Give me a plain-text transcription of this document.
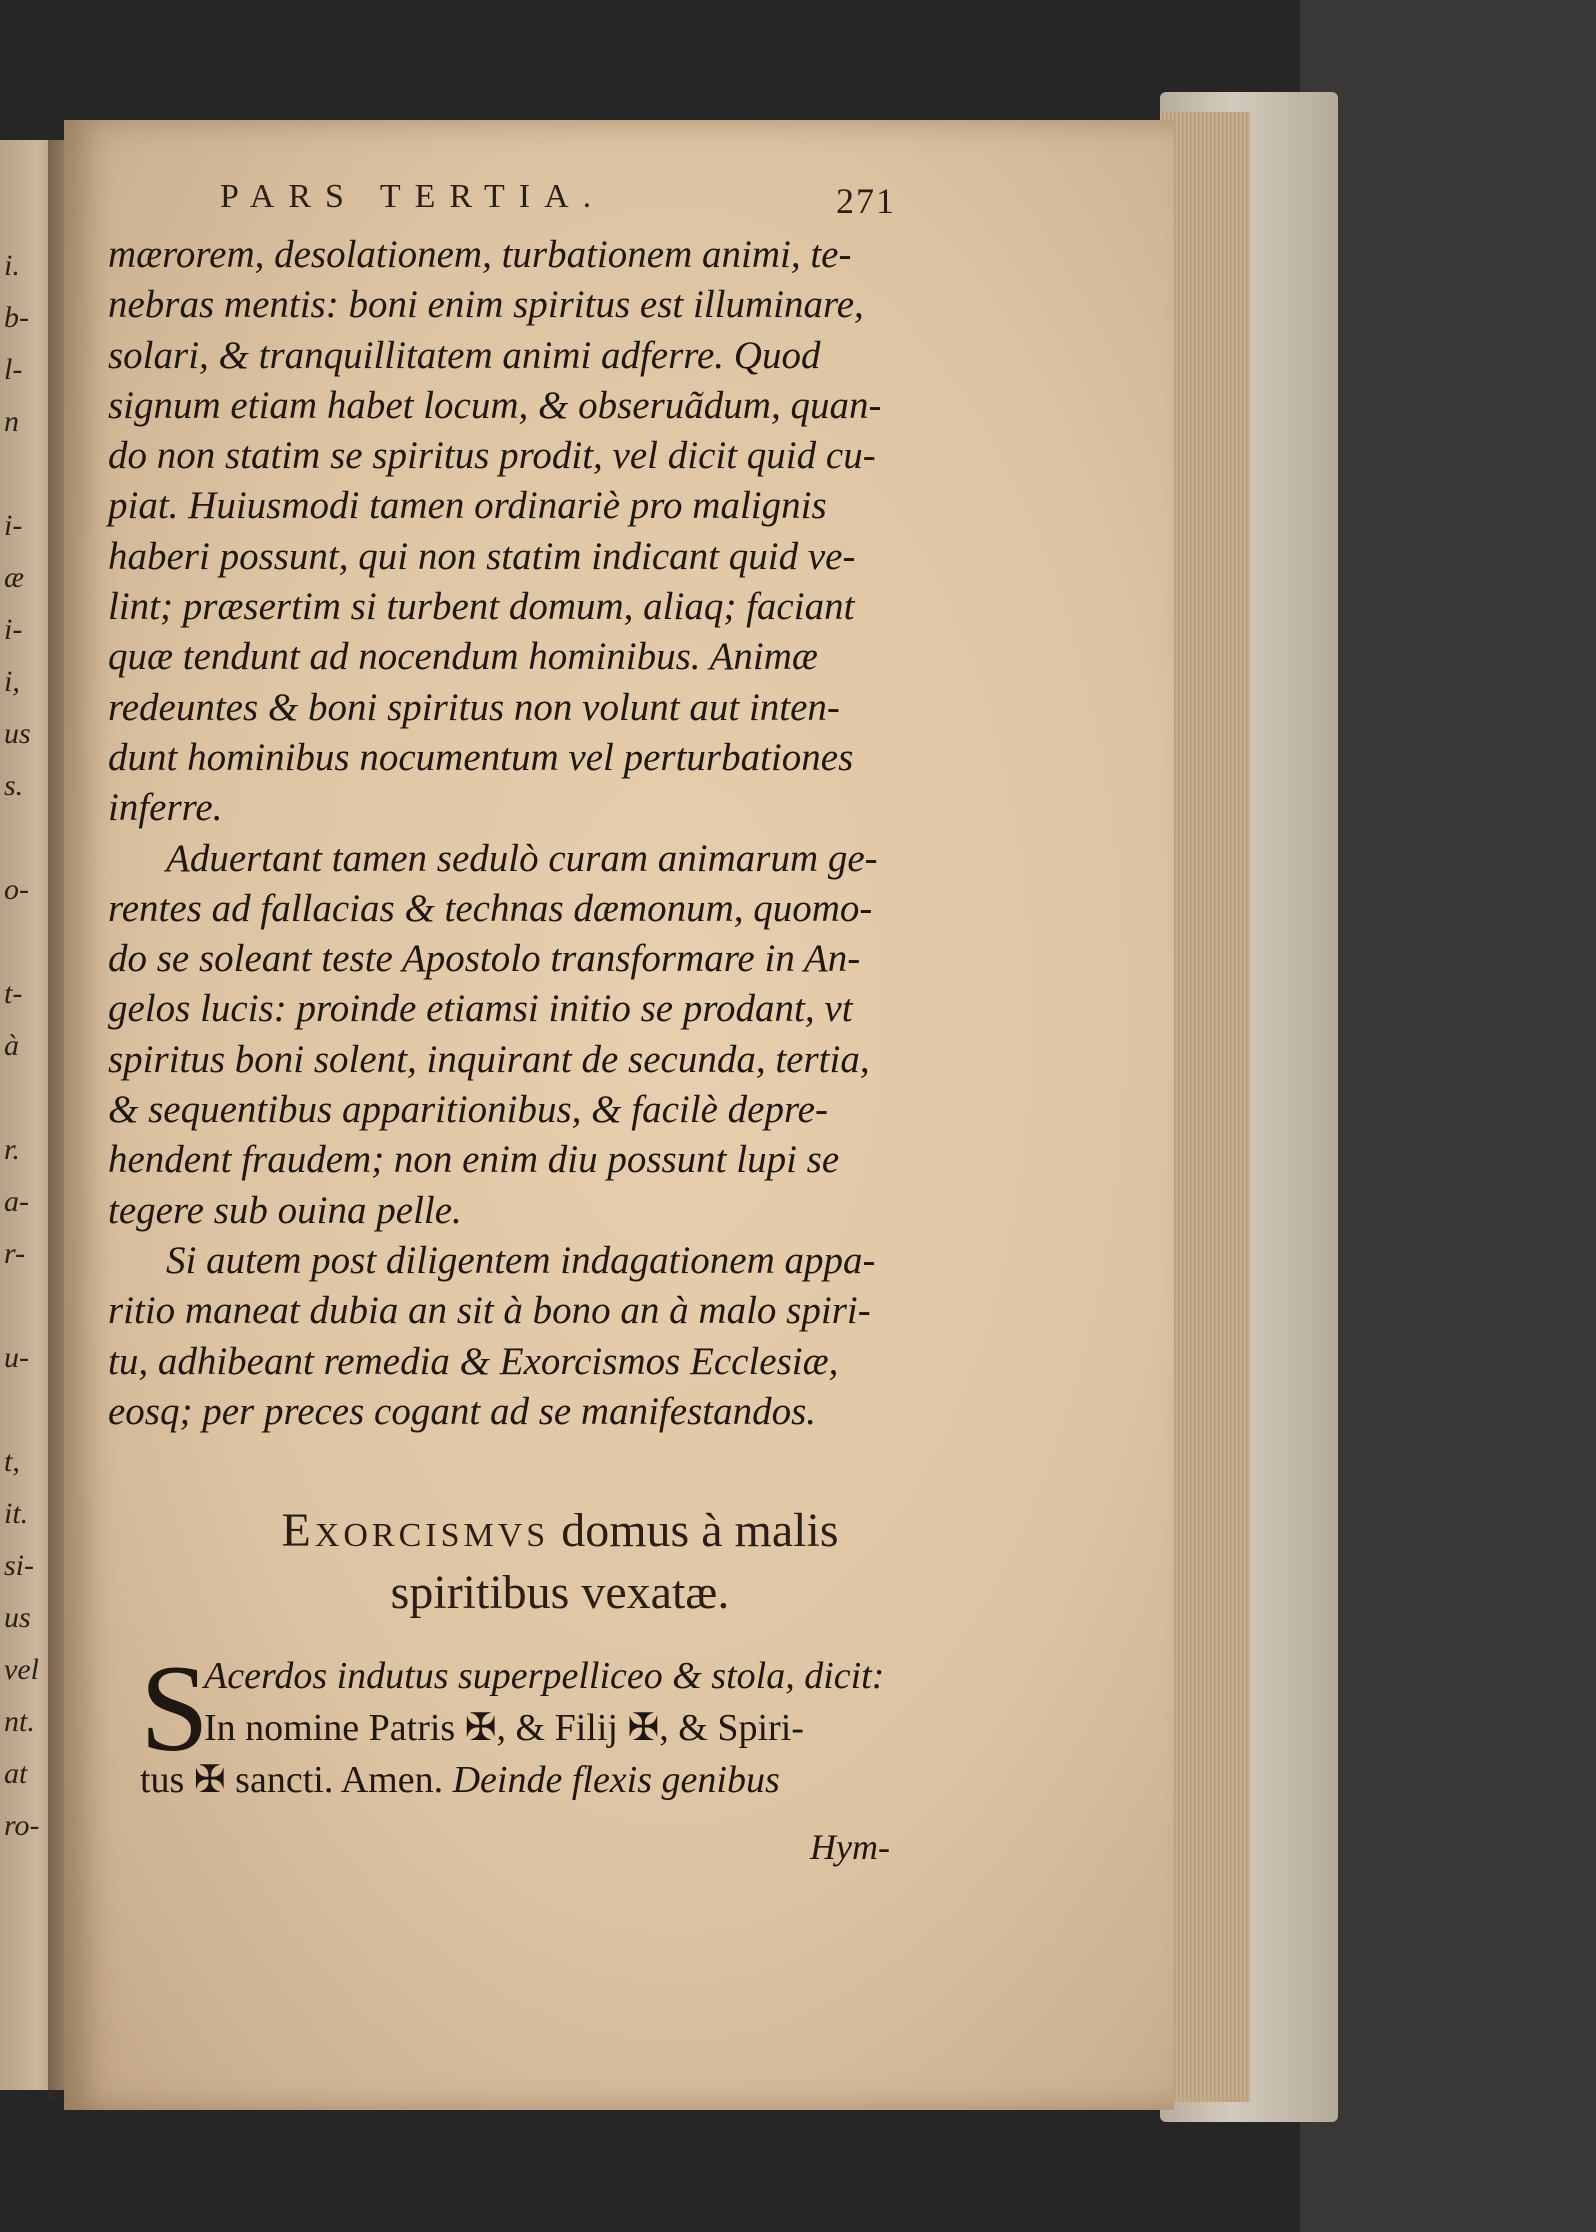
i.
b-
l-
n
i-
æ
i-
i,
us
s.
o-
t-
à
r.
a-
r-
u-
t,
it.
si-
us
vel
nt.
at
ro-
PARS TERTIA.	271
mærorem, desolationem, turbationem animi, te-
nebras mentis: boni enim spiritus est illuminare,
solari, & tranquillitatem animi adferre. Quod
signum etiam habet locum, & obseruãdum, quan-
do non statim se spiritus prodit, vel dicit quid cu-
piat. Huiusmodi tamen ordinariè pro malignis
haberi possunt, qui non statim indicant quid ve-
lint; præsertim si turbent domum, aliaq; faciant
quæ tendunt ad nocendum hominibus. Animæ
redeuntes & boni spiritus non volunt aut inten-
dunt hominibus nocumentum vel perturbationes
inferre.
Aduertant tamen sedulò curam animarum ge-
rentes ad fallacias & technas dæmonum, quomo-
do se soleant teste Apostolo transformare in An-
gelos lucis: proinde etiamsi initio se prodant, vt
spiritus boni solent, inquirant de secunda, tertia,
& sequentibus apparitionibus, & facilè depre-
hendent fraudem; non enim diu possunt lupi se
tegere sub ouina pelle.
Si autem post diligentem indagationem appa-
ritio maneat dubia an sit à bono an à malo spiri-
tu, adhibeant remedia & Exorcismos Ecclesiæ,
eosq; per preces cogant ad se manifestandos.
Exorcismvs domus à malis
spiritibus vexatæ.
S
Acerdos indutus superpelliceo & stola, dicit:
In nomine Patris ✠, & Filij ✠, & Spiri-
tus ✠ sancti. Amen. Deinde flexis genibus
Hym-
